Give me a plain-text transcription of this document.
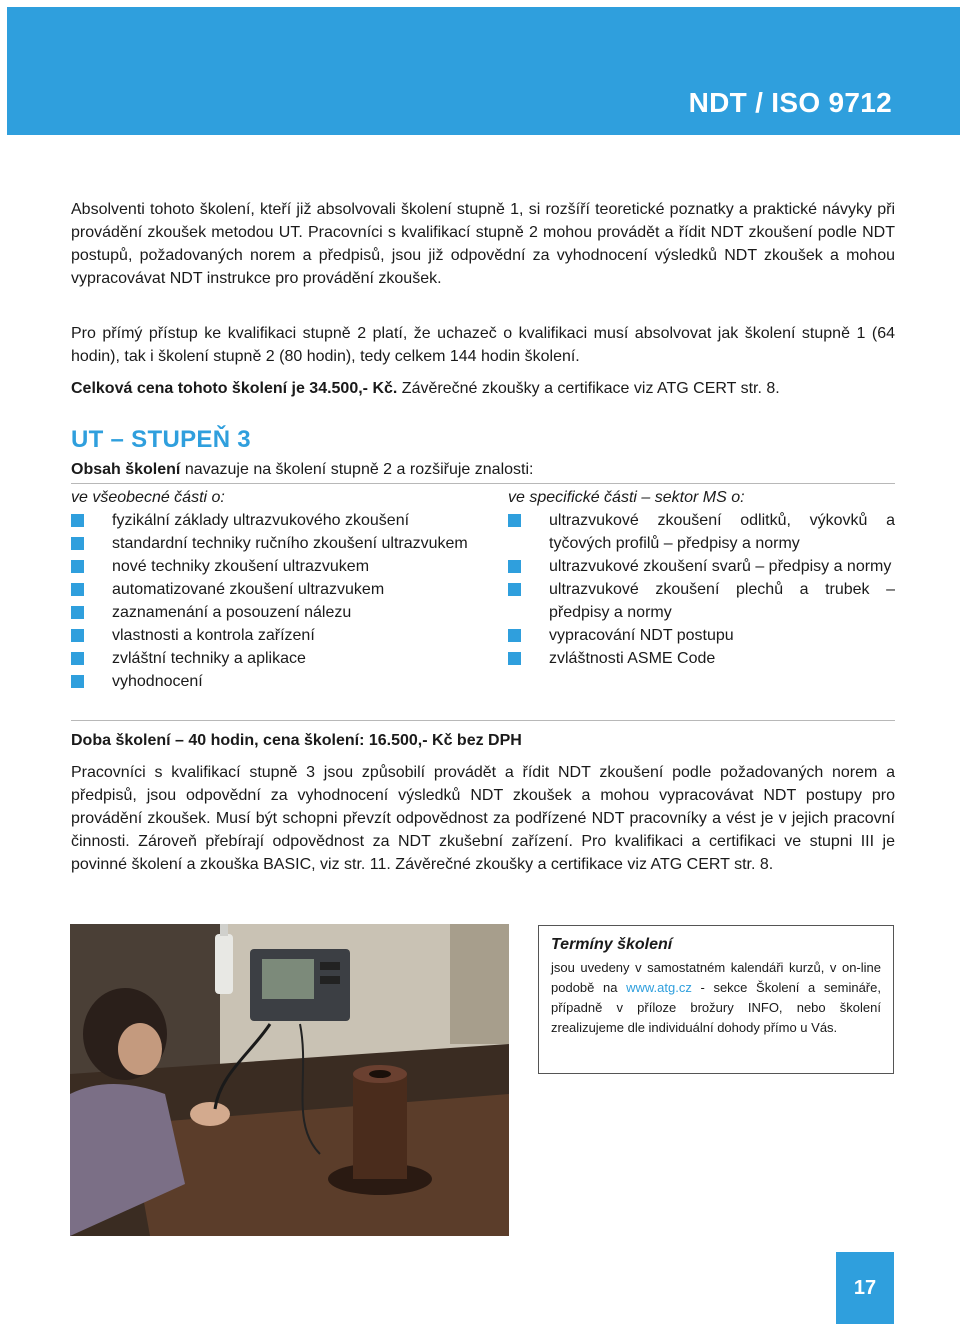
NDT / ISO 9712

Absolventi tohoto školení, kteří již absolvovali školení stupně 1, si rozšíří teoretické poznatky a praktické návyky při provádění zkoušek metodou UT. Pracovníci s kvalifikací stupně 2 mohou provádět a řídit NDT zkoušení podle NDT postupů, požadovaných norem a předpisů, jsou již odpovědní za vyhodnocení výsledků NDT zkoušek a mohou vypracovávat NDT instrukce pro provádění zkoušek.

Pro přímý přístup ke kvalifikaci stupně 2 platí, že uchazeč o kvalifikaci musí absolvovat jak školení stupně 1 (64 hodin), tak i školení stupně 2 (80 hodin), tedy celkem 144 hodin školení.

Celková cena tohoto školení je 34.500,- Kč. Závěrečné zkoušky a certifikace viz ATG CERT str. 8.

UT – STUPEŇ 3
Obsah školení navazuje na školení stupně 2 a rozšiřuje znalosti:

ve všeobecné části o:

fyzikální základy ultrazvukového zkoušení
standardní techniky ručního zkoušení ultrazvukem
nové techniky zkoušení ultrazvukem
automatizované zkoušení ultrazvukem
zaznamenání a posouzení nálezu
vlastnosti a kontrola zařízení
zvláštní techniky a aplikace
vyhodnocení

ve specifické části – sektor MS o:

ultrazvukové zkoušení odlitků, výkovků a tyčových profilů – předpisy a normy
ultrazvukové zkoušení svarů – předpisy a normy
ultrazvukové zkoušení plechů a trubek – předpisy a normy
vypracování NDT postupu
zvláštnosti ASME Code
Doba školení – 40 hodin, cena školení: 16.500,- Kč bez DPH

Pracovníci s kvalifikací stupně 3 jsou způsobilí provádět a řídit NDT zkoušení podle požadovaných norem a předpisů, jsou odpovědní za vyhodnocení výsledků NDT zkoušek a mohou vypracovávat NDT postupy pro provádění zkoušek. Musí být schopni převzít odpovědnost za podřízené NDT pracovníky a vést je v jejich pracovní činnosti. Zároveň přebírají odpovědnost za NDT zkušební zařízení. Pro kvalifikaci a certifikaci ve stupni III je povinné školení a zkouška BASIC, viz str. 11. Závěrečné zkoušky a certifikace viz ATG CERT str. 8.

Termíny školení

jsou uvedeny v samostatném kalendáři kurzů, v on-line podobě na www.atg.cz - sekce Školení a semináře, případně v příloze brožury INFO, nebo školení zrealizujeme dle individuální dohody přímo u Vás.

17
